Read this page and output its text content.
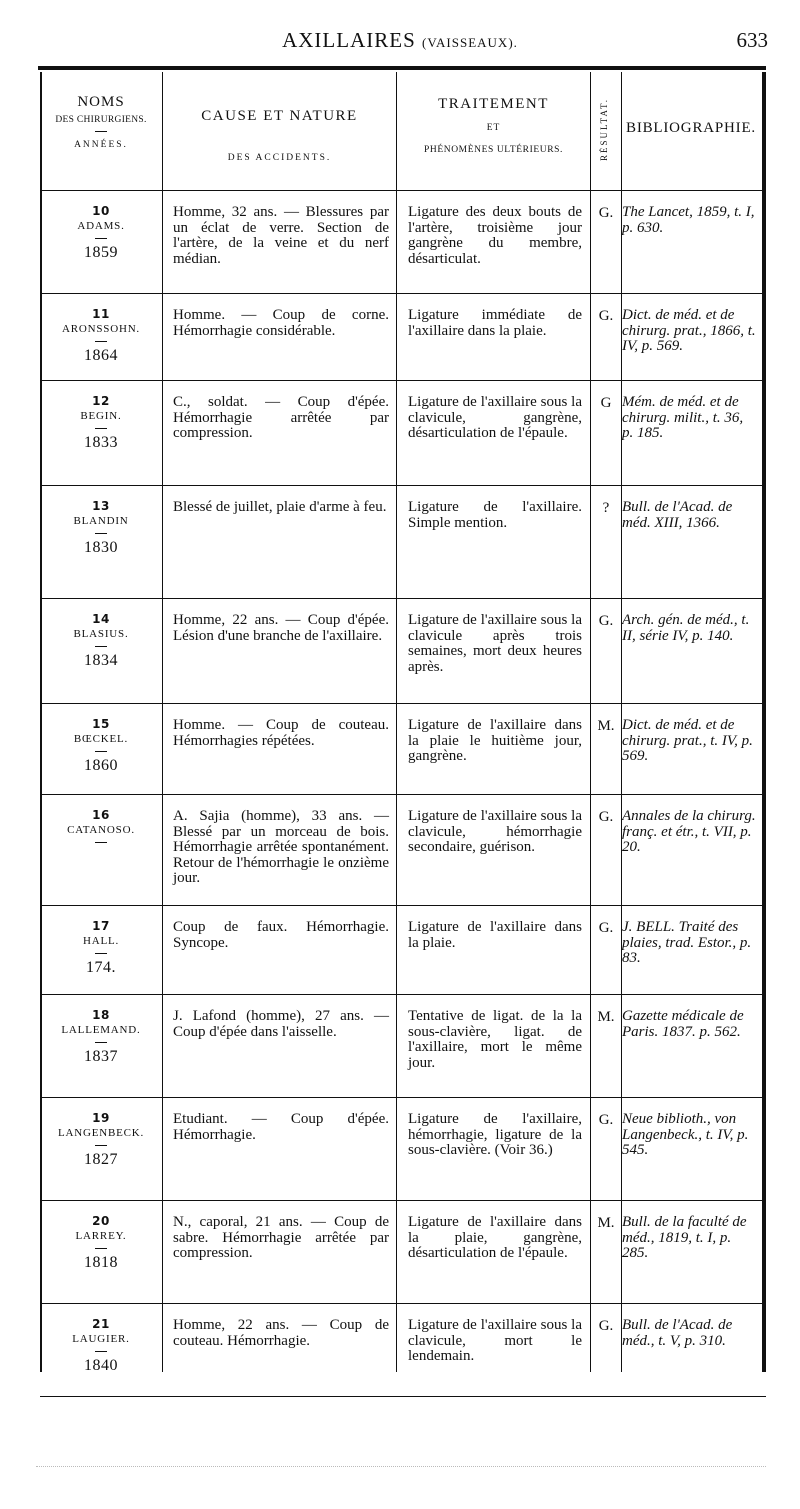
AXILLAIRES (VAISSEAUX).	633
NOMS
DES CHIRURGIENS.
ANNÉES.
CAUSE ET NATURE
DES ACCIDENTS.
TRAITEMENT
ET
PHÉNOMÈNES ULTÉRIEURS.	RÉSULTAT. BIBLIOGRAPHIE.
10
ADAMS.
1859
Homme, 32 ans. — Blessures par un éclat de verre. Section de l'artère, de la veine et du nerf médian.
Ligature des deux bouts de l'artère, troisième jour gangrène du membre, désarticulat.
G. The Lancet, 1859, t. I, p. 630.
11
ARONSSOHN.
1864
Homme. — Coup de corne. Hémorrhagie considérable.
Ligature immédiate de l'axillaire dans la plaie.
G. Dict. de méd. et de chirurg. prat., 1866, t. IV, p. 569.
12
BEGIN.
1833
C., soldat. — Coup d'épée. Hémorrhagie arrêtée par compression.
Ligature de l'axillaire sous la clavicule, gangrène, désarticulation de l'épaule.
G Mém. de méd. et de chirurg. milit., t. 36, p. 185.
13
BLANDIN
1830
Blessé de juillet, plaie d'arme à feu. Ligature de l'axillaire. Simple mention.
? Bull. de l'Acad. de méd. XIII, 1366.
14
BLASIUS.
1834
Homme, 22 ans. — Coup d'épée. Lésion d'une branche de l'axillaire.
Ligature de l'axillaire sous la clavicule après trois semaines, mort deux heures après.
G. Arch. gén. de méd., t. II, série IV, p. 140.
15
BŒCKEL.
1860
Homme. — Coup de couteau. Hémorrhagies répétées.
Ligature de l'axillaire dans la plaie le huitième jour, gangrène.
M. Dict. de méd. et de chirurg. prat., t. IV, p. 569.
16
CATANOSO.
A. Sajia (homme), 33 ans. — Blessé par un morceau de bois. Hémorrhagie arrêtée spontanément. Retour de l'hémorrhagie le onzième jour.
Ligature de l'axillaire sous la clavicule, hémorrhagie secondaire, guérison.
G. Annales de la chirurg. franç. et étr., t. VII, p. 20.
17
HALL.
174.
Coup de faux. Hémorrhagie. Syncope.
Ligature de l'axillaire dans la plaie.
G. J. BELL. Traité des plaies, trad. Estor., p. 83.
18
LALLEMAND.
1837
J. Lafond (homme), 27 ans. — Coup d'épée dans l'aisselle.
Tentative de ligat. de la la sous-clavière, ligat. de l'axillaire, mort le même jour.
M. Gazette médicale de Paris. 1837. p. 562.
19
LANGENBECK.
1827
Etudiant. — Coup d'épée. Hémorrhagie.
Ligature de l'axillaire, hémorrhagie, ligature de la sous-clavière. (Voir 36.)
G. Neue biblioth., von Langenbeck., t. IV, p. 545.
20
LARREY.
1818
N., caporal, 21 ans. — Coup de sabre. Hémorrhagie arrêtée par compression.
Ligature de l'axillaire dans la plaie, gangrène, désarticulation de l'épaule.
M. Bull. de la faculté de méd., 1819, t. I, p. 285.
21
LAUGIER.
1840
Homme, 22 ans. — Coup de couteau. Hémorrhagie.
Ligature de l'axillaire sous la clavicule, mort le lendemain.
G. Bull. de l'Acad. de méd., t. V, p. 310.
